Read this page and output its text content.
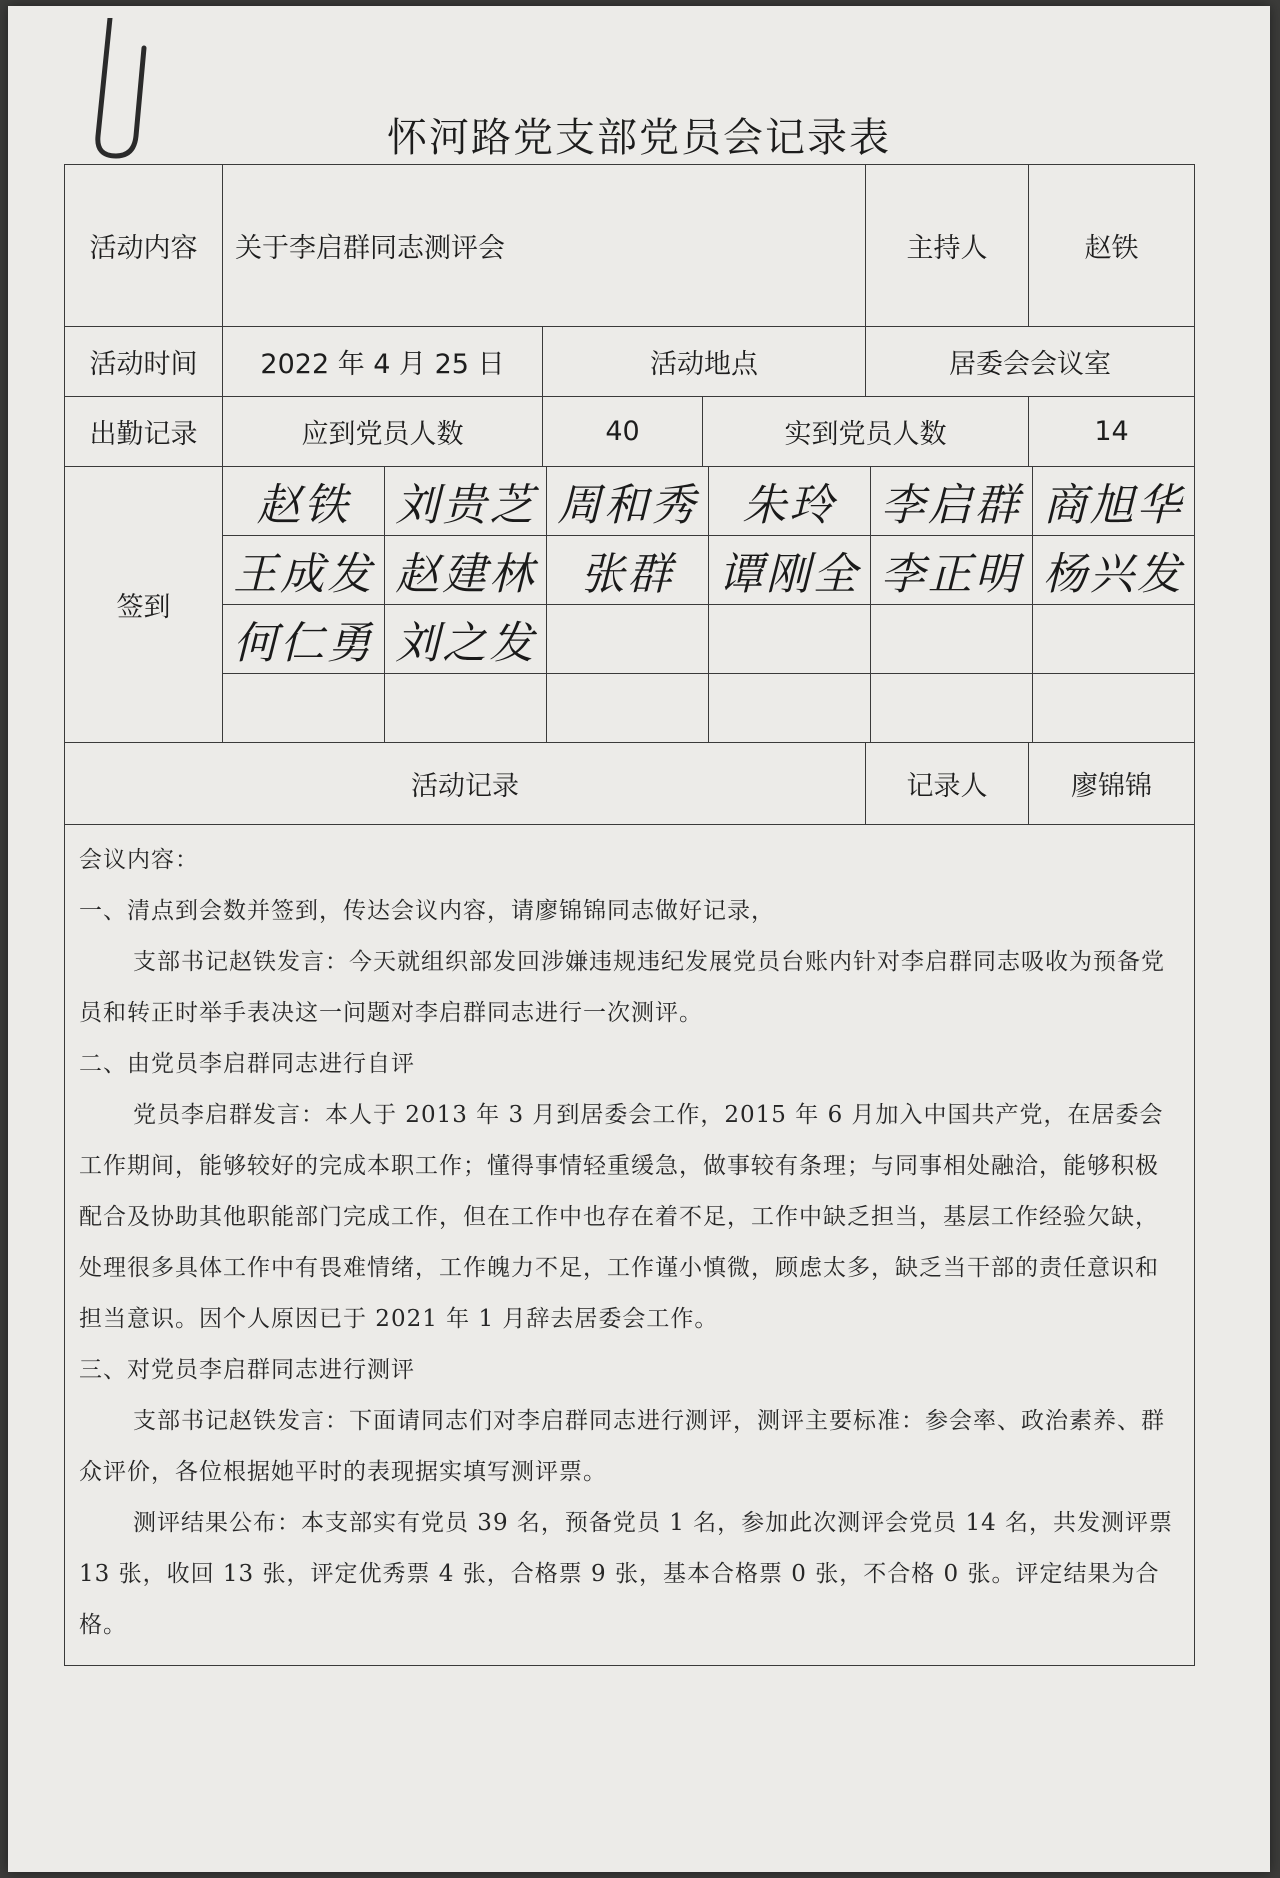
怀河路党支部党员会记录表
活动内容	关于李启群同志测评会	主持人	赵铁
活动时间	2022 年 4 月 25 日	活动地点	居委会会议室
出勤记录	应到党员人数	40	实到党员人数	14
签到	
赵铁	刘贵芝	周和秀	朱玲	李启群	商旭华
王成发	赵建林	张群	谭刚全	李正明	杨兴发
何仁勇	刘之发				

活动记录	记录人	廖锦锦

会议内容：

一、清点到会数并签到，传达会议内容，请廖锦锦同志做好记录，

支部书记赵铁发言：今天就组织部发回涉嫌违规违纪发展党员台账内针对李启群同志吸收为预备党员和转正时举手表决这一问题对李启群同志进行一次测评。

二、由党员李启群同志进行自评

党员李启群发言：本人于 2013 年 3 月到居委会工作，2015 年 6 月加入中国共产党，在居委会工作期间，能够较好的完成本职工作；懂得事情轻重缓急，做事较有条理；与同事相处融洽，能够积极配合及协助其他职能部门完成工作，但在工作中也存在着不足，工作中缺乏担当，基层工作经验欠缺，处理很多具体工作中有畏难情绪，工作魄力不足，工作谨小慎微，顾虑太多，缺乏当干部的责任意识和担当意识。因个人原因已于 2021 年 1 月辞去居委会工作。

三、对党员李启群同志进行测评

支部书记赵铁发言：下面请同志们对李启群同志进行测评，测评主要标准：参会率、政治素养、群众评价，各位根据她平时的表现据实填写测评票。

测评结果公布：本支部实有党员 39 名，预备党员 1 名，参加此次测评会党员 14 名，共发测评票 13 张，收回 13 张，评定优秀票 4 张，合格票 9 张，基本合格票 0 张，不合格 0 张。评定结果为合格。
